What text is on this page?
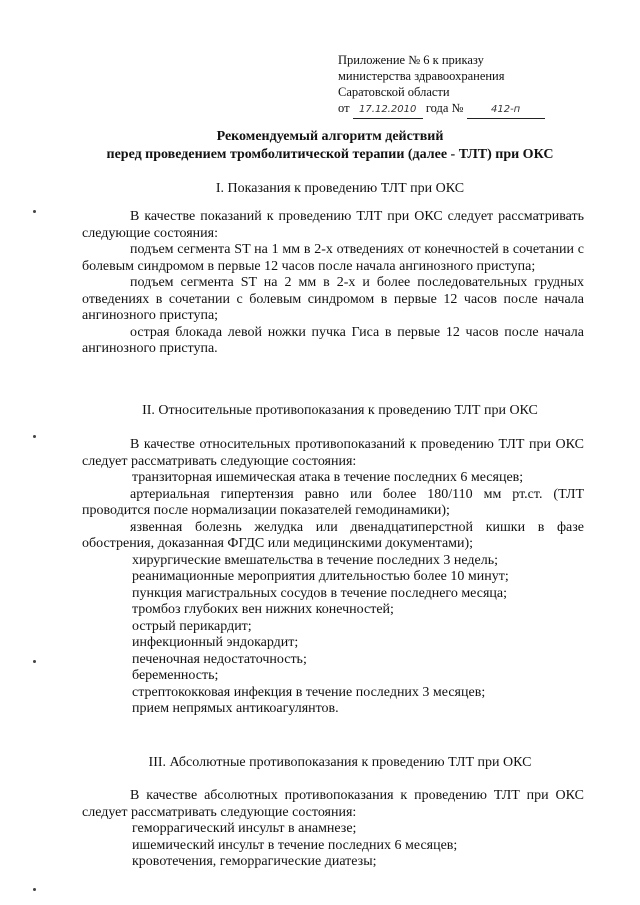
Приложение № 6 к приказу
министерства здравоохранения
Саратовской области
от 17.12.2010 года №	412-п
Рекомендуемый алгоритм действий
перед проведением тромболитической терапии (далее - ТЛТ) при ОКС
I. Показания к проведению ТЛТ при ОКС

В качестве показаний к проведению ТЛТ при ОКС следует рассматривать следующие состояния:

подъем сегмента ST на 1 мм в 2-х отведениях от конечностей в сочетании с болевым синдромом в первые 12 часов после начала ангинозного приступа;

подъем сегмента ST на 2 мм в 2-х и более последовательных грудных отведениях в сочетании с болевым синдромом в первые 12 часов после начала ангинозного приступа;

острая блокада левой ножки пучка Гиса в первые 12 часов после начала ангинозного приступа.

II. Относительные противопоказания к проведению ТЛТ при ОКС

В качестве относительных противопоказаний к проведению ТЛТ при ОКС следует рассматривать следующие состояния:

транзиторная ишемическая атака в течение последних 6 месяцев;

артериальная гипертензия равно или более 180/110 мм рт.ст. (ТЛТ проводится после нормализации показателей гемодинамики);

язвенная болезнь желудка или двенадцатиперстной кишки в фазе обострения, доказанная ФГДС или медицинскими документами);

хирургические вмешательства в течение последних 3 недель;
реанимационные мероприятия длительностью более 10 минут;
пункция магистральных сосудов в течение последнего месяца;
тромбоз глубоких вен нижних конечностей;
острый перикардит;
инфекционный эндокардит;
печеночная недостаточность;
беременность;
стрептококковая инфекция в течение последних 3 месяцев;
прием непрямых антикоагулянтов.
III. Абсолютные противопоказания к проведению ТЛТ при ОКС

В качестве абсолютных противопоказания к проведению ТЛТ при ОКС следует рассматривать следующие состояния:

геморрагический инсульт в анамнезе;
ишемический инсульт в течение последних 6 месяцев;
кровотечения, геморрагические диатезы;
